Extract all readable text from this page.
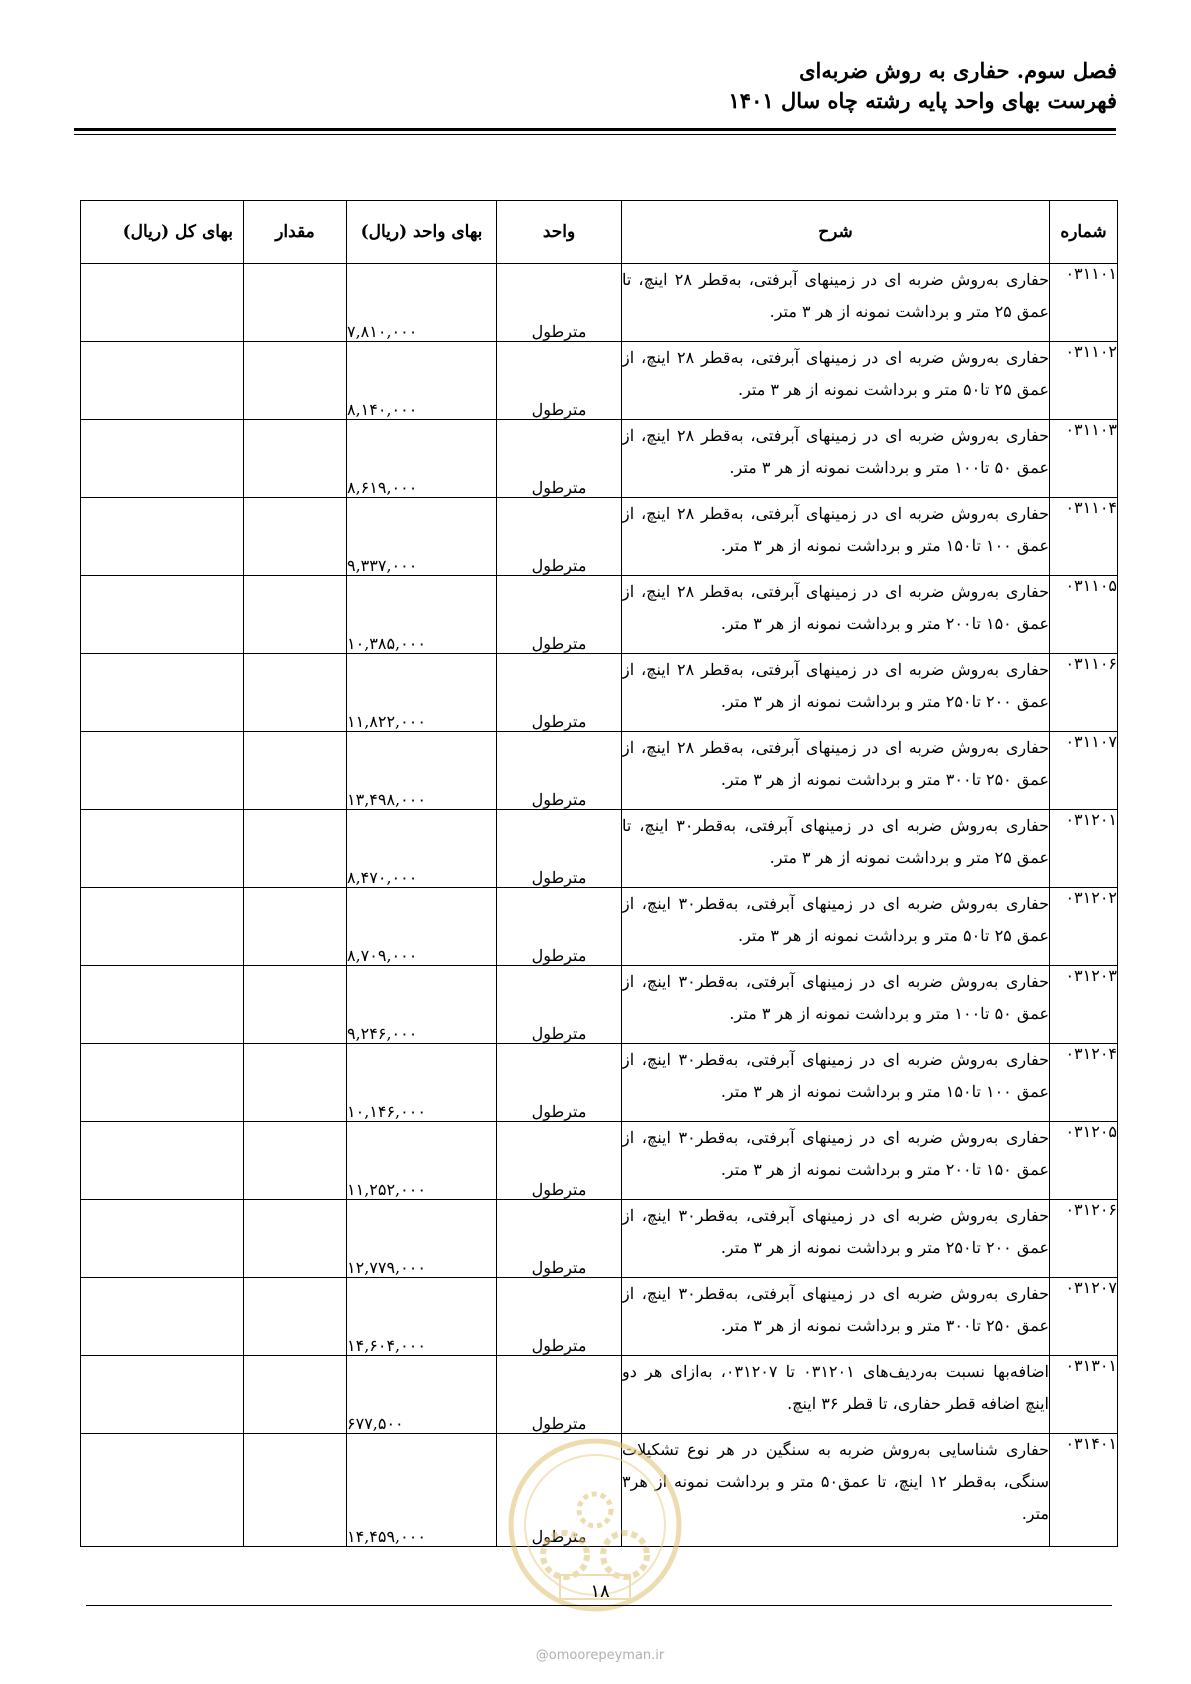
فصل سوم. حفاری به روش ضربه‌ای
فهرست بهای واحد پایه رشته چاه سال ۱۴۰۱
شماره	شرح	واحد	بهای واحد (ریال)	مقدار	بهای کل (ریال)
۰۳۱۱۰۱	حفاری به‌روش ضربه ای در زمینهای آبرفتی، به‌قطر ۲۸ اینچ، تا عمق ۲۵ متر و برداشت نمونه از هر ۳ متر.	مترطول	۷,۸۱۰,۰۰۰		
۰۳۱۱۰۲	حفاری به‌روش ضربه ای در زمینهای آبرفتی، به‌قطر ۲۸ اینچ، از عمق ۲۵ تا۵۰ متر و برداشت نمونه از هر ۳ متر.	مترطول	۸,۱۴۰,۰۰۰		
۰۳۱۱۰۳	حفاری به‌روش ضربه ای در زمینهای آبرفتی، به‌قطر ۲۸ اینچ، از عمق ۵۰ تا۱۰۰ متر و برداشت نمونه از هر ۳ متر.	مترطول	۸,۶۱۹,۰۰۰		
۰۳۱۱۰۴	حفاری به‌روش ضربه ای در زمینهای آبرفتی، به‌قطر ۲۸ اینچ، از عمق ۱۰۰ تا۱۵۰ متر و برداشت نمونه از هر ۳ متر.	مترطول	۹,۳۳۷,۰۰۰		
۰۳۱۱۰۵	حفاری به‌روش ضربه ای در زمینهای آبرفتی، به‌قطر ۲۸ اینچ، از عمق ۱۵۰ تا۲۰۰ متر و برداشت نمونه از هر ۳ متر.	مترطول	۱۰,۳۸۵,۰۰۰		
۰۳۱۱۰۶	حفاری به‌روش ضربه ای در زمینهای آبرفتی، به‌قطر ۲۸ اینچ، از عمق ۲۰۰ تا۲۵۰ متر و برداشت نمونه از هر ۳ متر.	مترطول	۱۱,۸۲۲,۰۰۰		
۰۳۱۱۰۷	حفاری به‌روش ضربه ای در زمینهای آبرفتی، به‌قطر ۲۸ اینچ، از عمق ۲۵۰ تا۳۰۰ متر و برداشت نمونه از هر ۳ متر.	مترطول	۱۳,۴۹۸,۰۰۰		
۰۳۱۲۰۱	حفاری به‌روش ضربه ای در زمینهای آبرفتی، به‌قطر۳۰ اینچ، تا عمق ۲۵ متر و برداشت نمونه از هر ۳ متر.	مترطول	۸,۴۷۰,۰۰۰		
۰۳۱۲۰۲	حفاری به‌روش ضربه ای در زمینهای آبرفتی، به‌قطر۳۰ اینچ، از عمق ۲۵ تا۵۰ متر و برداشت نمونه از هر ۳ متر.	مترطول	۸,۷۰۹,۰۰۰		
۰۳۱۲۰۳	حفاری به‌روش ضربه ای در زمینهای آبرفتی، به‌قطر۳۰ اینچ، از عمق ۵۰ تا۱۰۰ متر و برداشت نمونه از هر ۳ متر.	مترطول	۹,۲۴۶,۰۰۰		
۰۳۱۲۰۴	حفاری به‌روش ضربه ای در زمینهای آبرفتی، به‌قطر۳۰ اینچ، از عمق ۱۰۰ تا۱۵۰ متر و برداشت نمونه از هر ۳ متر.	مترطول	۱۰,۱۴۶,۰۰۰		
۰۳۱۲۰۵	حفاری به‌روش ضربه ای در زمینهای آبرفتی، به‌قطر۳۰ اینچ، از عمق ۱۵۰ تا۲۰۰ متر و برداشت نمونه از هر ۳ متر.	مترطول	۱۱,۲۵۲,۰۰۰		
۰۳۱۲۰۶	حفاری به‌روش ضربه ای در زمینهای آبرفتی، به‌قطر۳۰ اینچ، از عمق ۲۰۰ تا۲۵۰ متر و برداشت نمونه از هر ۳ متر.	مترطول	۱۲,۷۷۹,۰۰۰		
۰۳۱۲۰۷	حفاری به‌روش ضربه ای در زمینهای آبرفتی، به‌قطر۳۰ اینچ، از عمق ۲۵۰ تا۳۰۰ متر و برداشت نمونه از هر ۳ متر.	مترطول	۱۴,۶۰۴,۰۰۰		
۰۳۱۳۰۱	اضافه‌بها نسبت به‌ردیف‌های ۰۳۱۲۰۱ تا ۰۳۱۲۰۷، به‌ازای هر دو اینچ اضافه قطر حفاری، تا قطر ۳۶ اینچ.	مترطول	۶۷۷,۵۰۰		
۰۳۱۴۰۱	حفاری شناسایی به‌روش ضربه به سنگین در هر نوع تشکیلات سنگی، به‌قطر ۱۲ اینچ، تا عمق۵۰ متر و برداشت نمونه از هر۳ متر.	مترطول	۱۴,۴۵۹,۰۰۰		
۱۸
@omoorepeyman.ir
